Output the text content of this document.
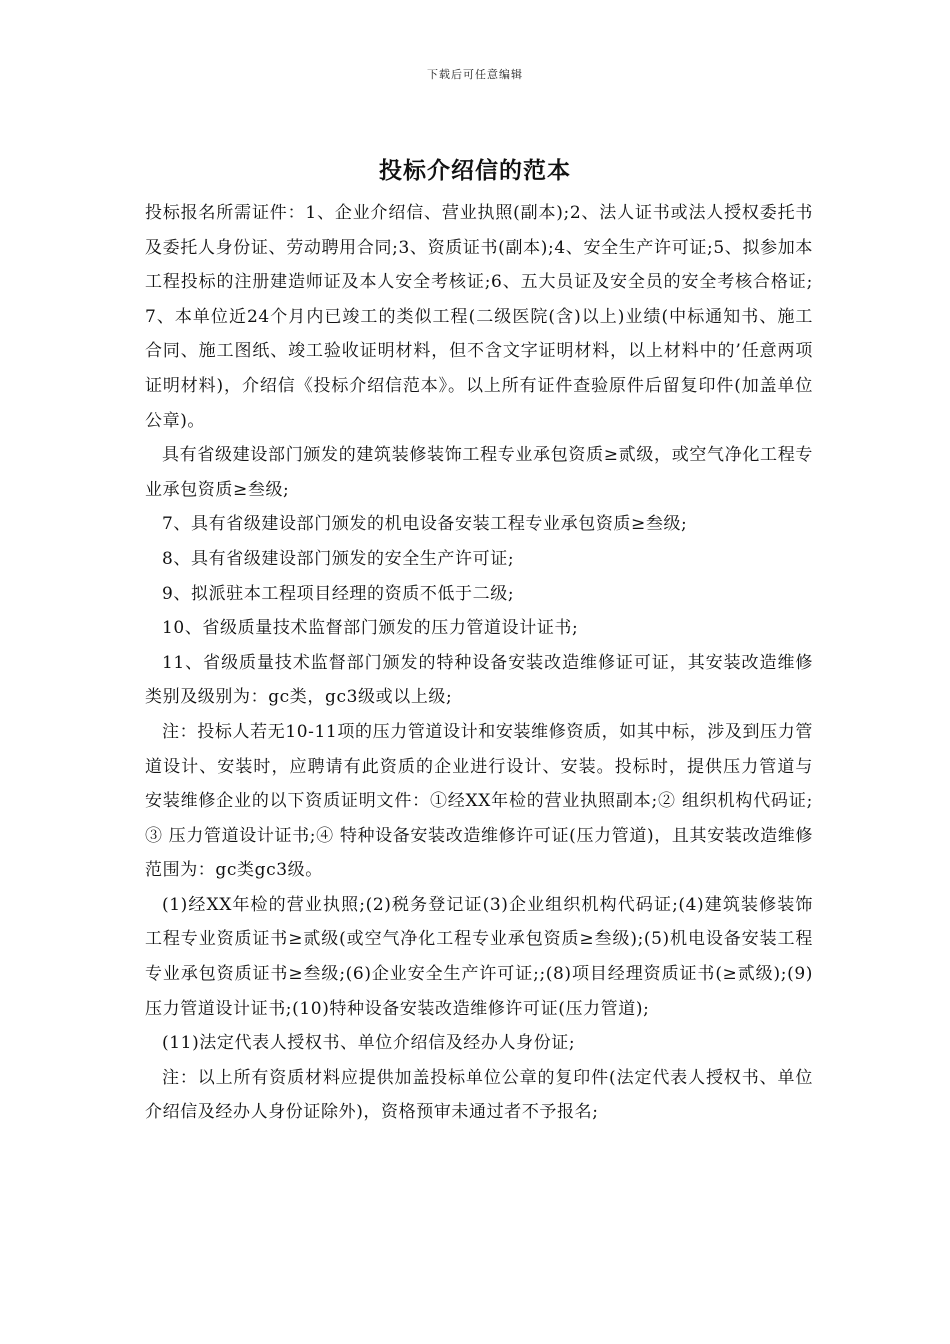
下载后可任意编辑
投标介绍信的范本

投标报名所需证件：1、企业介绍信、营业执照(副本);2、法人证书或法人授权委托书及委托人身份证、劳动聘用合同;3、资质证书(副本);4、安全生产许可证;5、拟参加本工程投标的注册建造师证及本人安全考核证;6、五大员证及安全员的安全考核合格证;7、本单位近24个月内已竣工的类似工程(二级医院(含)以上)业绩(中标通知书、施工合同、施工图纸、竣工验收证明材料，但不含文字证明材料，以上材料中的’任意两项证明材料)，介绍信《投标介绍信范本》。以上所有证件查验原件后留复印件(加盖单位公章)。

具有省级建设部门颁发的建筑装修装饰工程专业承包资质≥贰级，或空气净化工程专业承包资质≥叁级;

7、具有省级建设部门颁发的机电设备安装工程专业承包资质≥叁级;

8、具有省级建设部门颁发的安全生产许可证;

9、拟派驻本工程项目经理的资质不低于二级;

10、省级质量技术监督部门颁发的压力管道设计证书;

11、省级质量技术监督部门颁发的特种设备安装改造维修证可证，其安装改造维修类别及级别为：gc类，gc3级或以上级;

注：投标人若无10-11项的压力管道设计和安装维修资质，如其中标，涉及到压力管道设计、安装时，应聘请有此资质的企业进行设计、安装。投标时，提供压力管道与安装维修企业的以下资质证明文件：①经XX年检的营业执照副本;② 组织机构代码证;③ 压力管道设计证书;④ 特种设备安装改造维修许可证(压力管道)，且其安装改造维修范围为：gc类gc3级。

(1)经XX年检的营业执照;(2)税务登记证(3)企业组织机构代码证;(4)建筑装修装饰工程专业资质证书≥贰级(或空气净化工程专业承包资质≥叁级);(5)机电设备安装工程专业承包资质证书≥叁级;(6)企业安全生产许可证;;(8)项目经理资质证书(≥贰级);(9)压力管道设计证书;(10)特种设备安装改造维修许可证(压力管道);

(11)法定代表人授权书、单位介绍信及经办人身份证;

注：以上所有资质材料应提供加盖投标单位公章的复印件(法定代表人授权书、单位介绍信及经办人身份证除外)，资格预审未通过者不予报名;
